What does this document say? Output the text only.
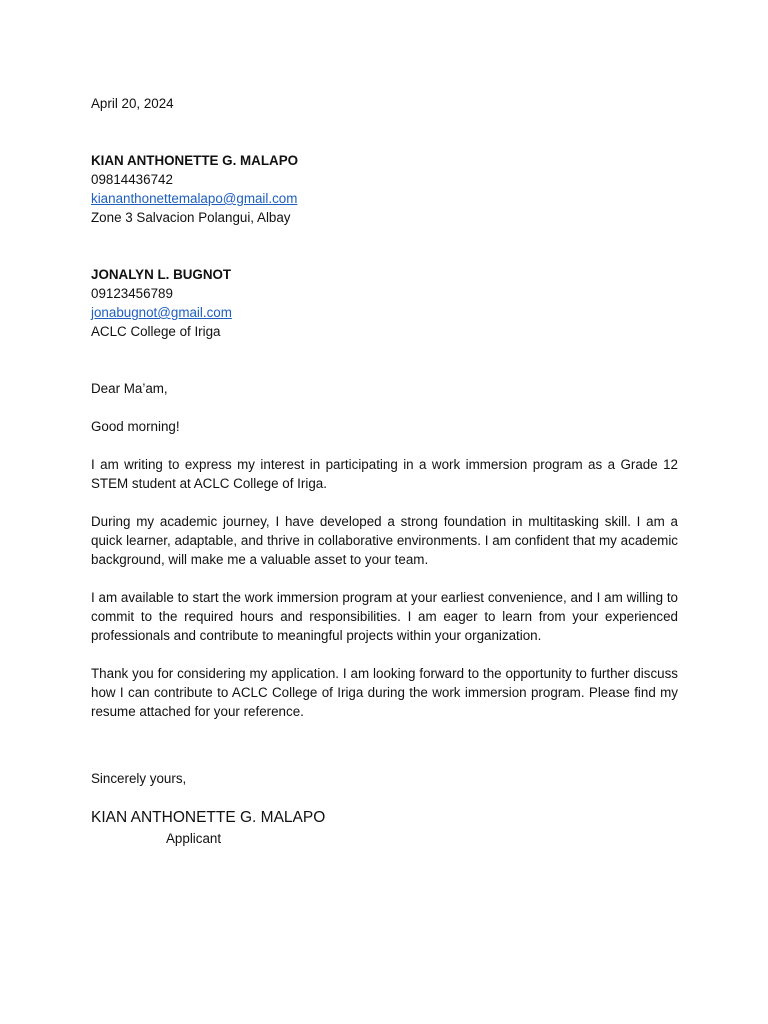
April 20, 2024
KIAN ANTHONETTE G. MALAPO
09814436742
kiananthonettemalapo@gmail.com
Zone 3 Salvacion Polangui, Albay
JONALYN L. BUGNOT
09123456789
jonabugnot@gmail.com
ACLC College of Iriga
Dear Ma’am,
Good morning!

I am writing to express my interest in participating in a work immersion program as a Grade 12 STEM student at ACLC College of Iriga.

During my academic journey, I have developed a strong foundation in multitasking skill. I am a quick learner, adaptable, and thrive in collaborative environments. I am confident that my academic background, will make me a valuable asset to your team.

I am available to start the work immersion program at your earliest convenience, and I am willing to commit to the required hours and responsibilities. I am eager to learn from your experienced professionals and contribute to meaningful projects within your organization.

Thank you for considering my application. I am looking forward to the opportunity to further discuss how I can contribute to ACLC College of Iriga during the work immersion program. Please find my resume attached for your reference.

Sincerely yours,
KIAN ANTHONETTE G. MALAPO
Applicant
